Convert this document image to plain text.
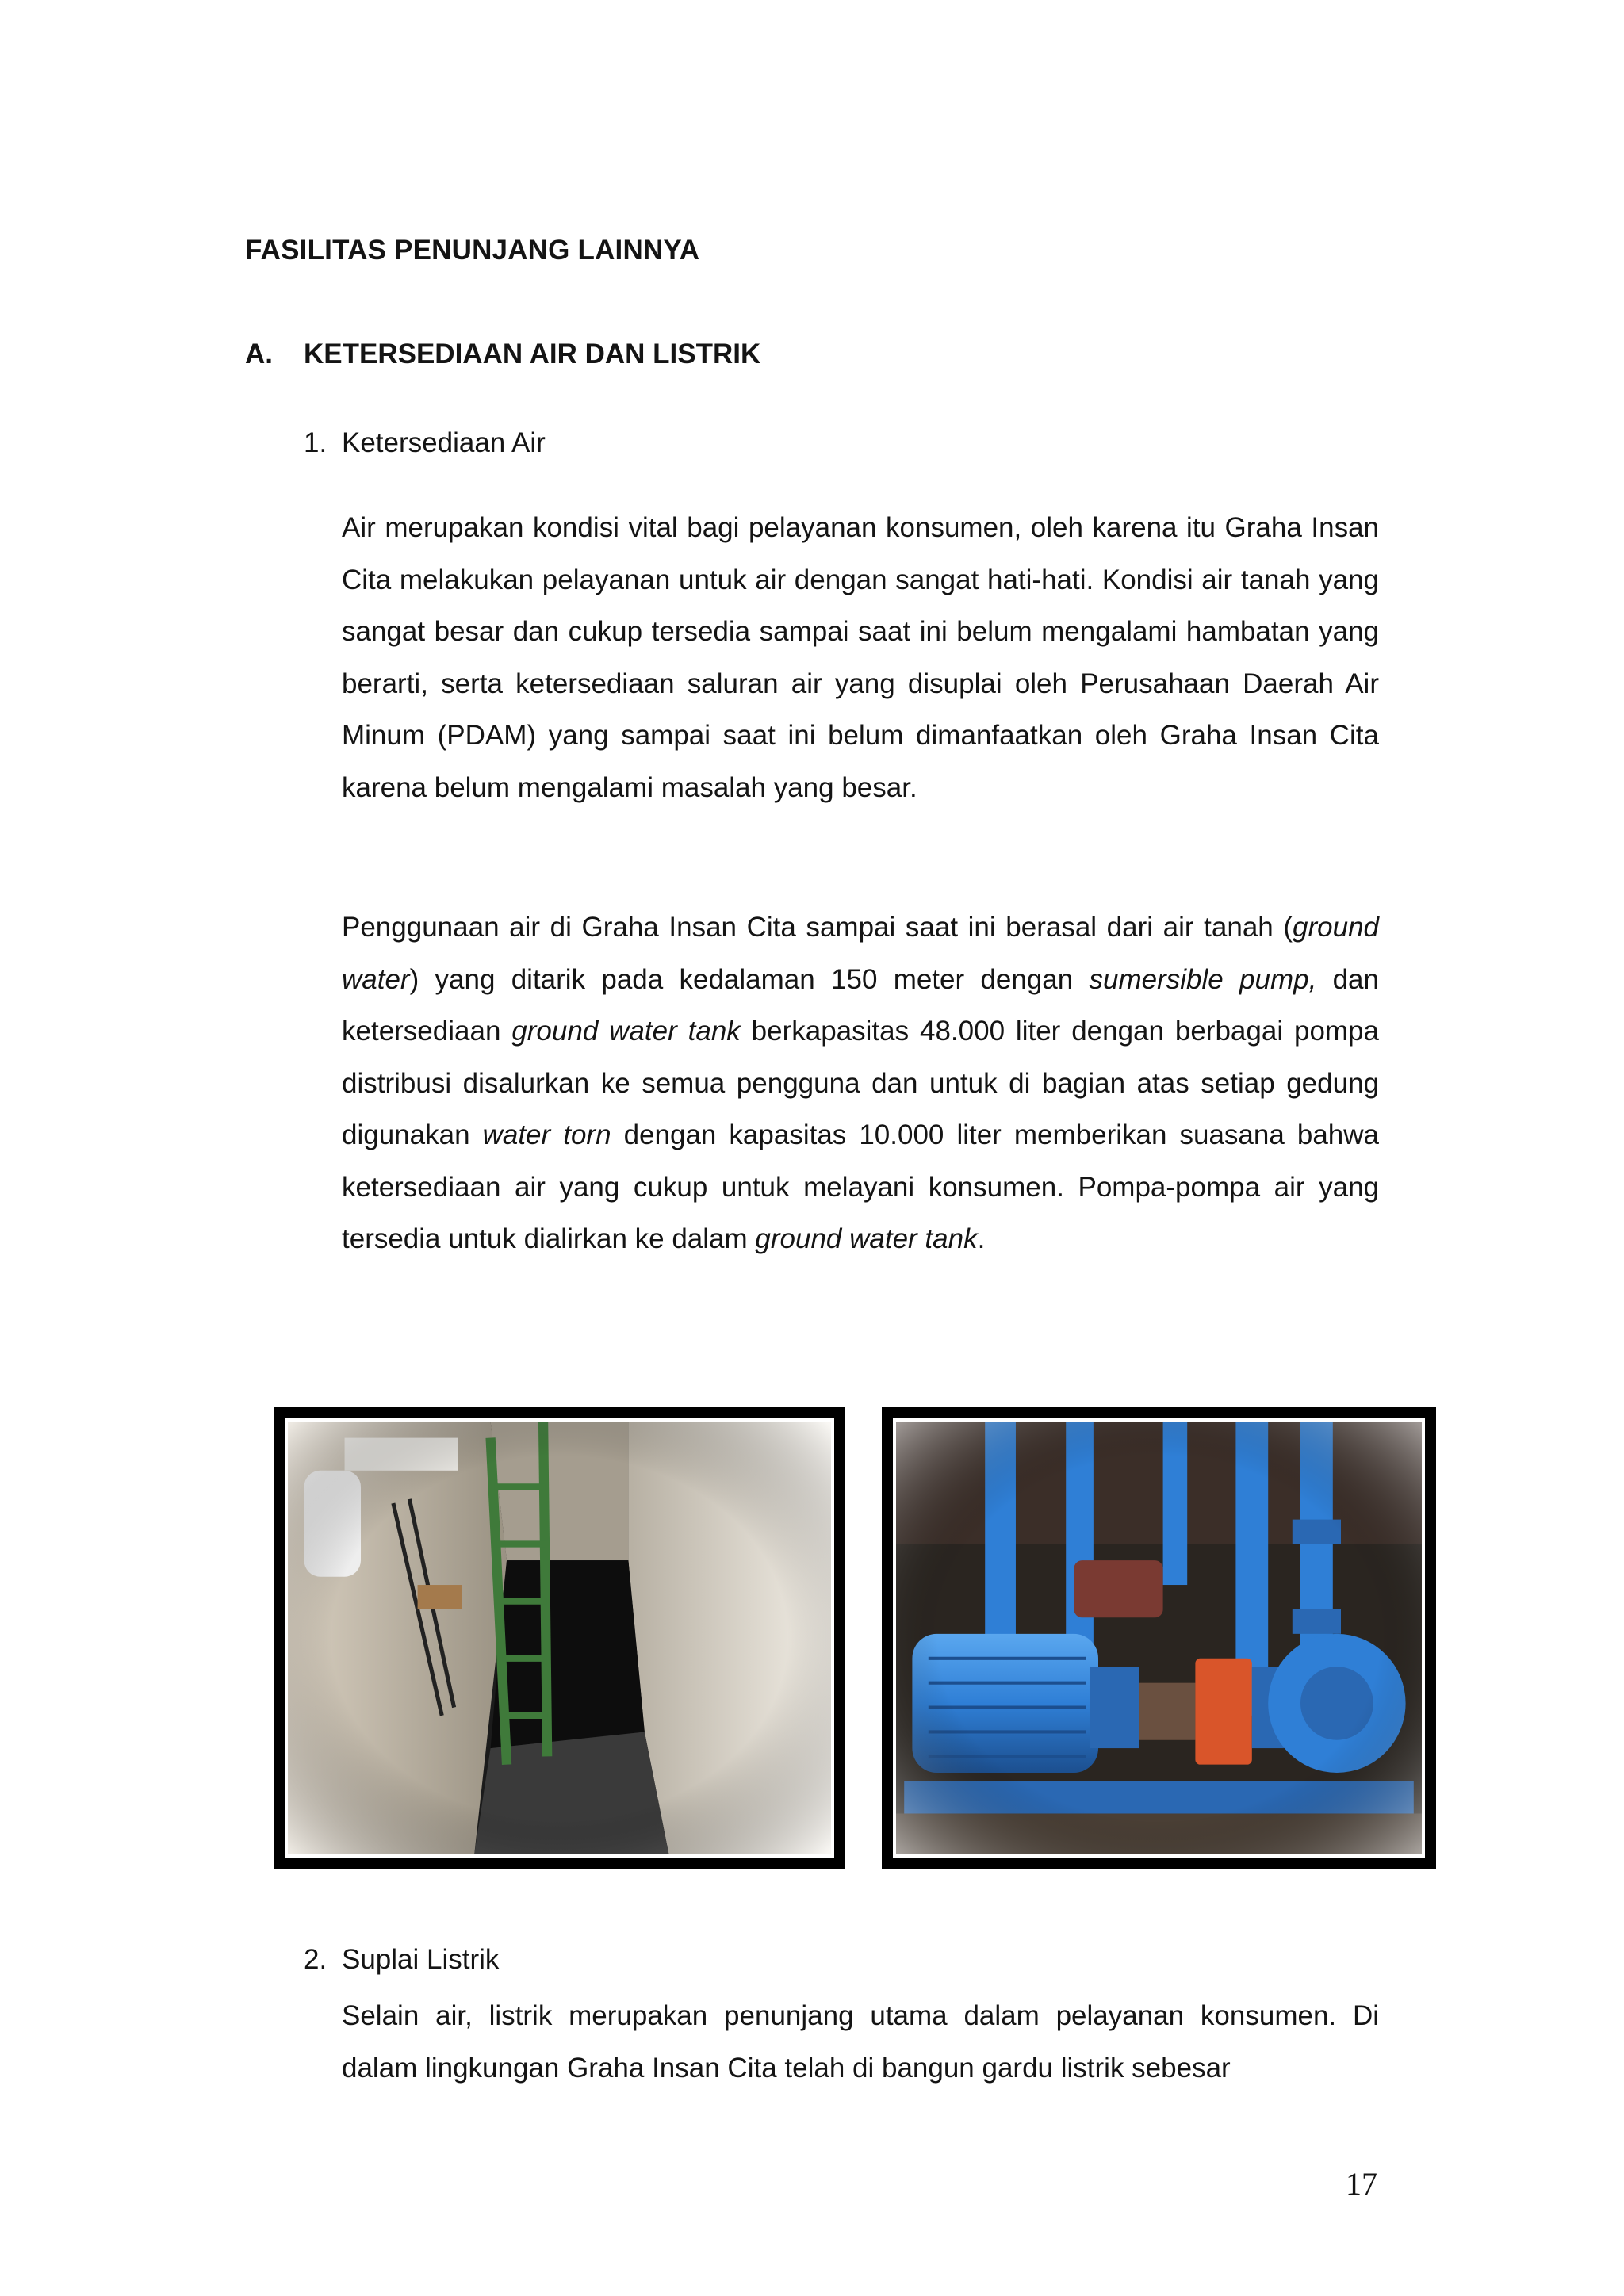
FASILITAS PENUNJANG LAINNYA
A. KETERSEDIAAN AIR DAN LISTRIK
1. Ketersediaan Air

Air merupakan kondisi vital bagi pelayanan konsumen, oleh karena itu Graha Insan Cita melakukan pelayanan untuk air dengan sangat hati-hati. Kondisi air tanah yang sangat besar dan cukup tersedia sampai saat ini belum mengalami hambatan yang berarti, serta ketersediaan saluran air yang disuplai oleh Perusahaan Daerah Air Minum (PDAM) yang sampai saat ini belum dimanfaatkan oleh Graha Insan Cita karena belum mengalami masalah yang besar.

Penggunaan air di Graha Insan Cita sampai saat ini berasal dari air tanah (ground water) yang ditarik pada kedalaman 150 meter dengan sumersible pump, dan ketersediaan ground water tank berkapasitas 48.000 liter dengan berbagai pompa distribusi disalurkan ke semua pengguna dan untuk di bagian atas setiap gedung digunakan water torn dengan kapasitas 10.000 liter memberikan suasana bahwa ketersediaan air yang cukup untuk melayani konsumen. Pompa-pompa air yang tersedia untuk dialirkan ke dalam ground water tank.

2. Suplai Listrik

Selain air, listrik merupakan penunjang utama dalam pelayanan konsumen. Di dalam lingkungan Graha Insan Cita telah di bangun gardu listrik sebesar

17
